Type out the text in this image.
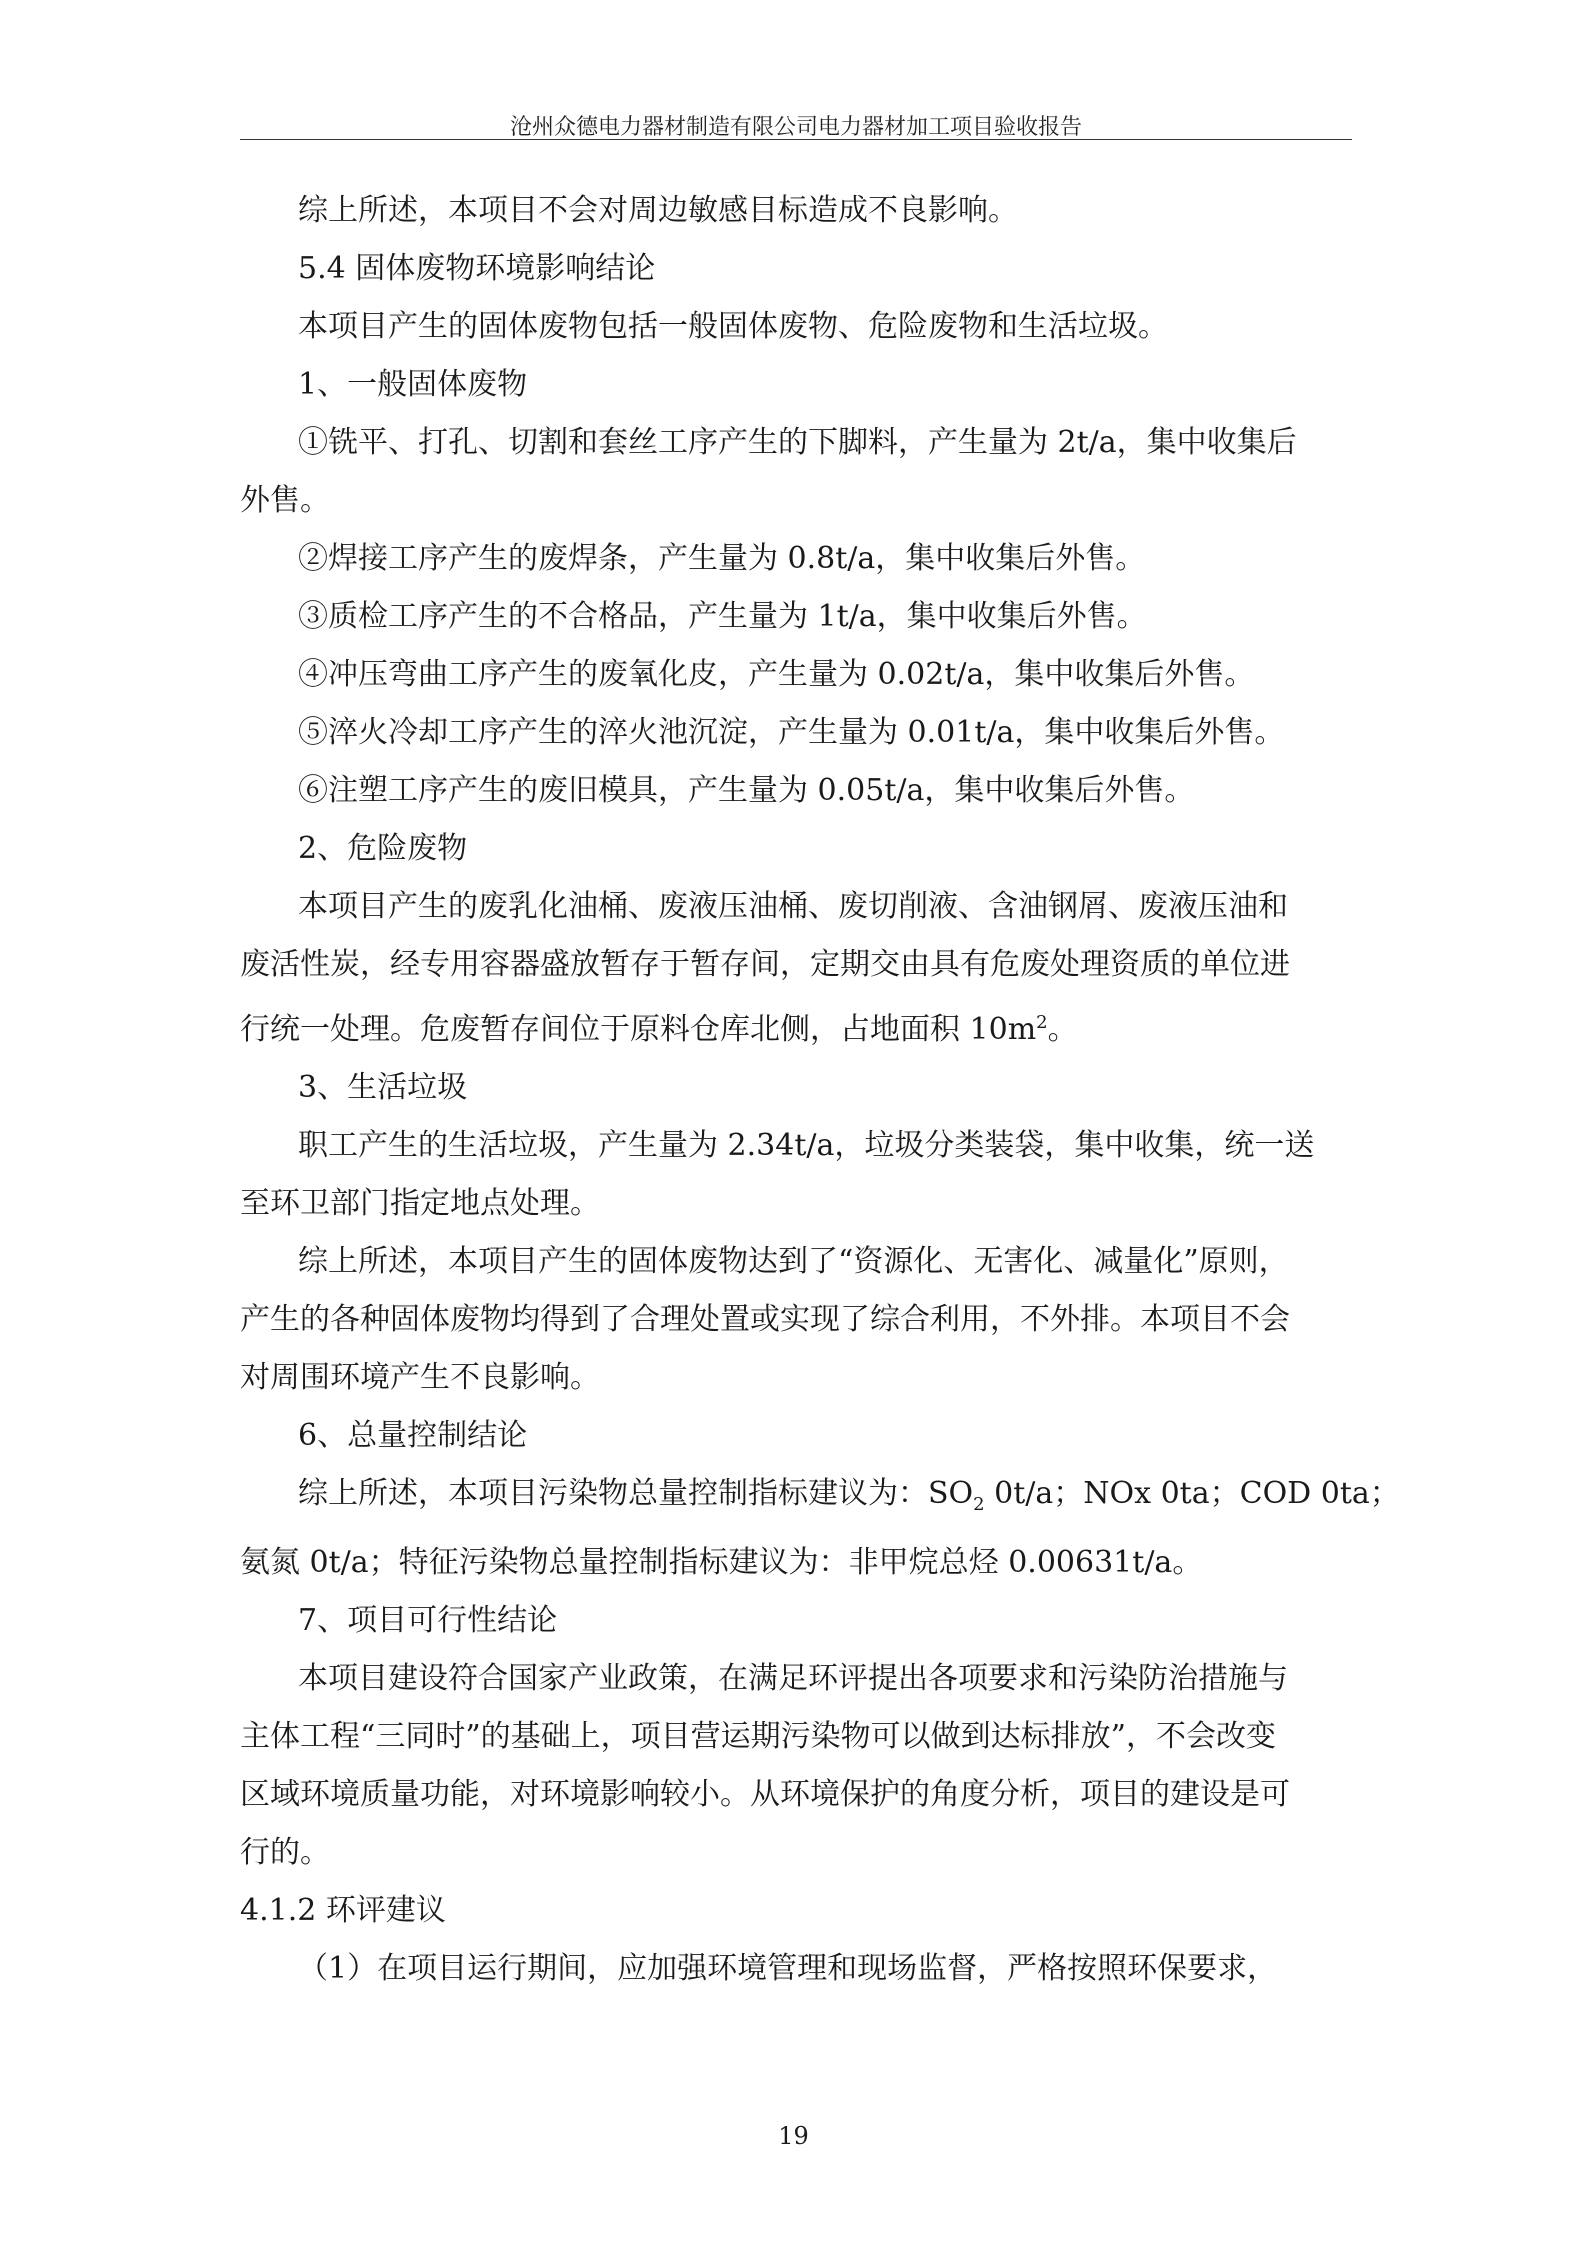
沧州众德电力器材制造有限公司电力器材加工项目验收报告

综上所述，本项目不会对周边敏感目标造成不良影响。

5.4 固体废物环境影响结论

本项目产生的固体废物包括一般固体废物、危险废物和生活垃圾。

1、一般固体废物

①铣平、打孔、切割和套丝工序产生的下脚料，产生量为 2t/a，集中收集后

外售。

②焊接工序产生的废焊条，产生量为 0.8t/a，集中收集后外售。

③质检工序产生的不合格品，产生量为 1t/a，集中收集后外售。

④冲压弯曲工序产生的废氧化皮，产生量为 0.02t/a，集中收集后外售。

⑤淬火冷却工序产生的淬火池沉淀，产生量为 0.01t/a，集中收集后外售。

⑥注塑工序产生的废旧模具，产生量为 0.05t/a，集中收集后外售。

2、危险废物

本项目产生的废乳化油桶、废液压油桶、废切削液、含油钢屑、废液压油和

废活性炭，经专用容器盛放暂存于暂存间，定期交由具有危废处理资质的单位进

行统一处理。危废暂存间位于原料仓库北侧，占地面积 $10m^2$。

3、生活垃圾

职工产生的生活垃圾，产生量为 2.34t/a，垃圾分类装袋，集中收集，统一送

至环卫部门指定地点处理。

综上所述，本项目产生的固体废物达到了“资源化、无害化、减量化”原则，

产生的各种固体废物均得到了合理处置或实现了综合利用，不外排。本项目不会

对周围环境产生不良影响。

6、总量控制结论

综上所述，本项目污染物总量控制指标建议为：$SO_2$ 0t/a；NOx 0ta；COD 0ta；

氨氮 0t/a；特征污染物总量控制指标建议为：非甲烷总烃 0.00631t/a。

7、项目可行性结论

本项目建设符合国家产业政策，在满足环评提出各项要求和污染防治措施与

主体工程“三同时”的基础上，项目营运期污染物可以做到达标排放”，不会改变

区域环境质量功能，对环境影响较小。从环境保护的角度分析，项目的建设是可

行的。

4.1.2 环评建议

（1）在项目运行期间，应加强环境管理和现场监督，严格按照环保要求，

19
